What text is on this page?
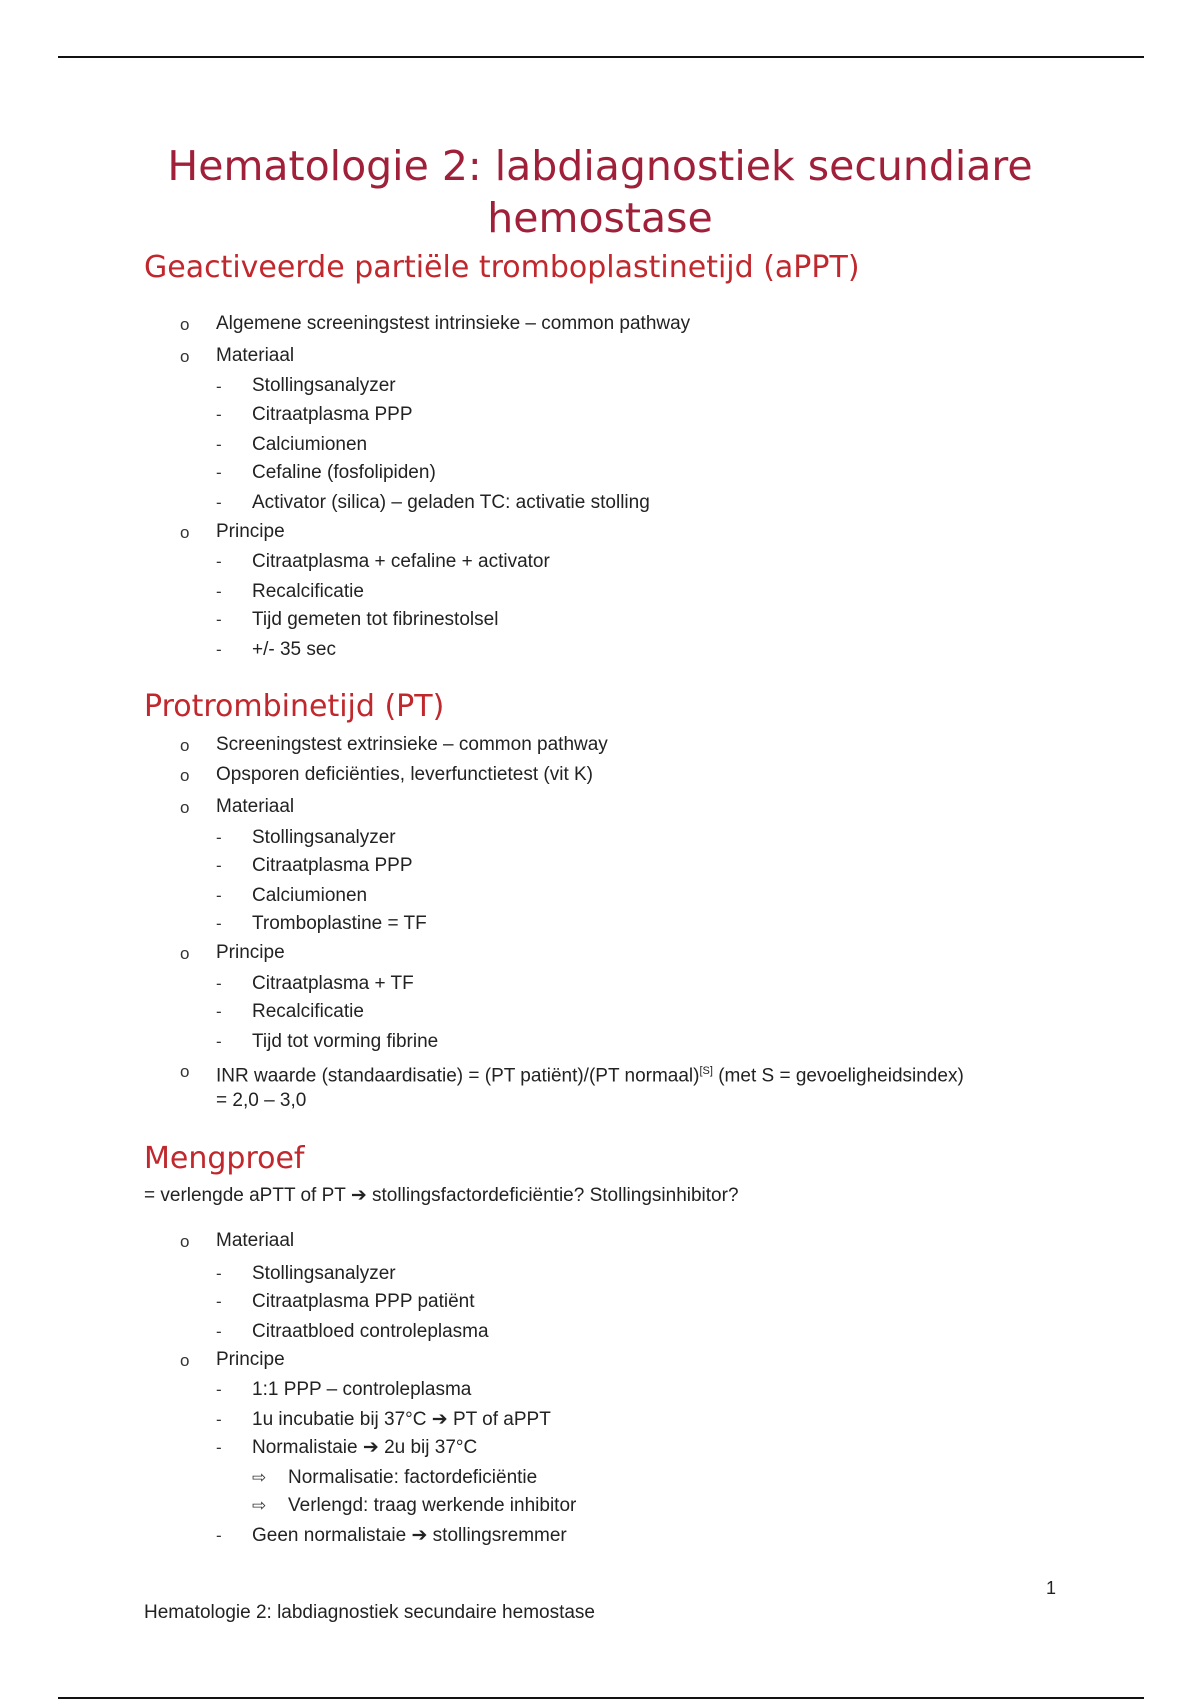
Hematologie 2: labdiagnostiek secundiare hemostase
Geactiveerde partiële tromboplastinetijd (aPPT)
o Algemene screeningstest intrinsieke – common pathway
o Materiaal
- Stollingsanalyzer
- Citraatplasma PPP
- Calciumionen
- Cefaline (fosfolipiden)
- Activator (silica) – geladen TC: activatie stolling
o Principe
- Citraatplasma + cefaline + activator
- Recalcificatie
- Tijd gemeten tot fibrinestolsel
- +/- 35 sec
Protrombinetijd (PT)
o Screeningstest extrinsieke – common pathway
o Opsporen deficiënties, leverfunctietest (vit K)
o Materiaal
- Stollingsanalyzer
- Citraatplasma PPP
- Calciumionen
- Tromboplastine = TF
o Principe
- Citraatplasma + TF
- Recalcificatie
- Tijd tot vorming fibrine
o INR waarde (standaardisatie) = (PT patiënt)/(PT normaal)[S] (met S = gevoeligheidsindex)
= 2,0 – 3,0
Mengproef
= verlengde aPTT of PT ➔ stollingsfactordeficiëntie? Stollingsinhibitor?
o Materiaal
- Stollingsanalyzer
- Citraatplasma PPP patiënt
- Citraatbloed controleplasma
o Principe
- 1:1 PPP – controleplasma
- 1u incubatie bij 37°C ➔ PT of aPPT
- Normalistaie ➔ 2u bij 37°C
⇨ Normalisatie: factordeficiëntie
⇨ Verlengd: traag werkende inhibitor
- Geen normalistaie ➔ stollingsremmer
1
Hematologie 2: labdiagnostiek secundaire hemostase
